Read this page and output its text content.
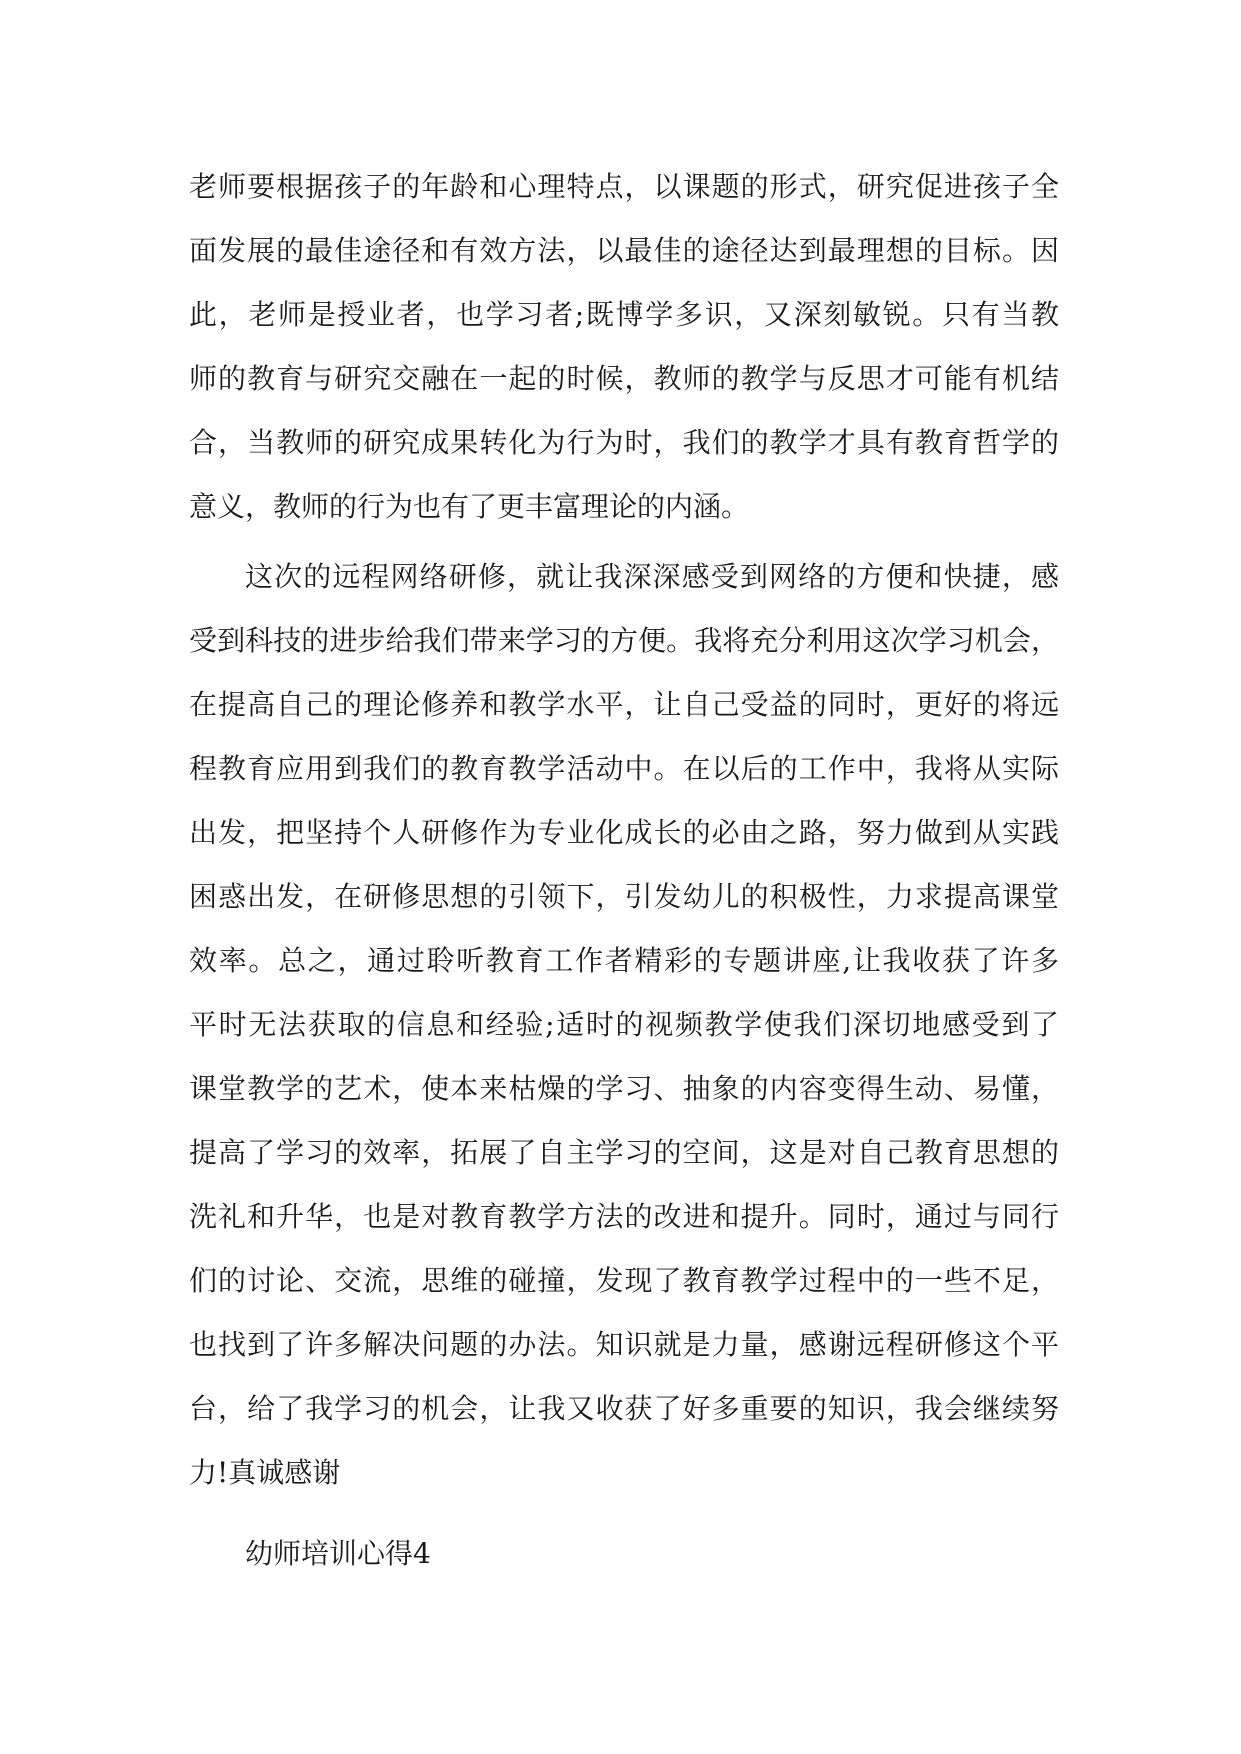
老师要根据孩子的年龄和心理特点，以课题的形式，研究促进孩子全
面发展的最佳途径和有效方法，以最佳的途径达到最理想的目标。因
此，老师是授业者，也学习者;既博学多识，又深刻敏锐。只有当教
师的教育与研究交融在一起的时候，教师的教学与反思才可能有机结
合，当教师的研究成果转化为行为时，我们的教学才具有教育哲学的
意义，教师的行为也有了更丰富理论的内涵。
这次的远程网络研修，就让我深深感受到网络的方便和快捷，感
受到科技的进步给我们带来学习的方便。我将充分利用这次学习机会，
在提高自己的理论修养和教学水平，让自己受益的同时，更好的将远
程教育应用到我们的教育教学活动中。在以后的工作中，我将从实际
出发，把坚持个人研修作为专业化成长的必由之路，努力做到从实践
困惑出发，在研修思想的引领下，引发幼儿的积极性，力求提高课堂
效率。总之，通过聆听教育工作者精彩的专题讲座,让我收获了许多
平时无法获取的信息和经验;适时的视频教学使我们深切地感受到了
课堂教学的艺术，使本来枯燥的学习、抽象的内容变得生动、易懂，
提高了学习的效率，拓展了自主学习的空间，这是对自己教育思想的
洗礼和升华，也是对教育教学方法的改进和提升。同时，通过与同行
们的讨论、交流，思维的碰撞，发现了教育教学过程中的一些不足，
也找到了许多解决问题的办法。知识就是力量，感谢远程研修这个平
台，给了我学习的机会，让我又收获了好多重要的知识，我会继续努
力!真诚感谢
幼师培训心得4
